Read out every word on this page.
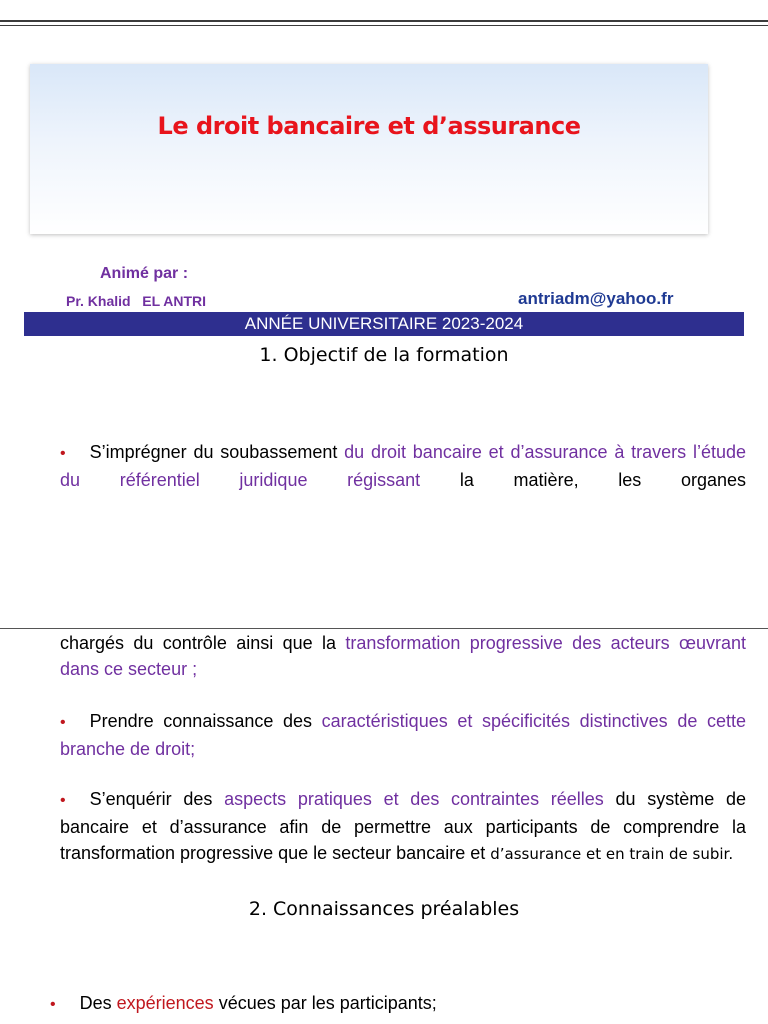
Le droit bancaire et d’assurance
Animé par :
Pr. Khalid   EL ANTRI	antriadm@yahoo.fr
ANNÉE UNIVERSITAIRE 2023-2024
1. Objectif de la formation
• S’imprégner du soubassement du droit bancaire et d’assurance à travers l’étude du référentiel juridique régissant la matière, les organes
chargés du contrôle ainsi que la transformation progressive des acteurs œuvrant dans ce secteur ;
• Prendre connaissance des caractéristiques et spécificités distinctives de cette branche de droit;
• S’enquérir des aspects pratiques et des contraintes réelles du système de bancaire et d’assurance afin de permettre aux participants de comprendre la transformation progressive que le secteur bancaire et d’assurance et en train de subir.
2. Connaissances préalables
• Des expériences vécues par les participants;
